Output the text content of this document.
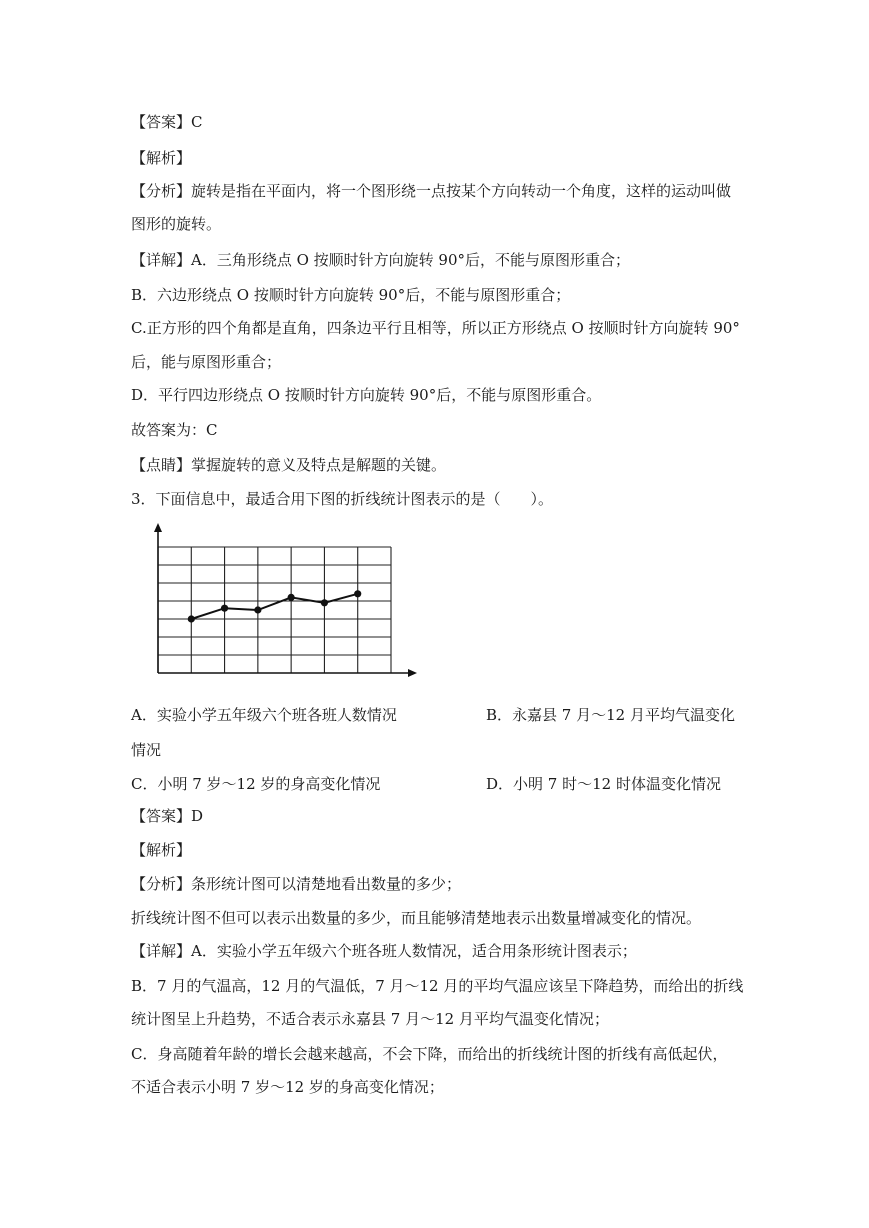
【答案】C
【解析】
【分析】旋转是指在平面内，将一个图形绕一点按某个方向转动一个角度，这样的运动叫做
图形的旋转。
【详解】A．三角形绕点 O 按顺时针方向旋转 90°后，不能与原图形重合；
B．六边形绕点 O 按顺时针方向旋转 90°后，不能与原图形重合；
C.正方形的四个角都是直角，四条边平行且相等，所以正方形绕点 O 按顺时针方向旋转 90°
后，能与原图形重合；
D．平行四边形绕点 O 按顺时针方向旋转 90°后，不能与原图形重合。
故答案为：C
【点睛】掌握旋转的意义及特点是解题的关键。
3．下面信息中，最适合用下图的折线统计图表示的是（　　）。
A．实验小学五年级六个班各班人数情况	B．永嘉县 7 月～12 月平均气温变化
情况
C．小明 7 岁～12 岁的身高变化情况	D．小明 7 时～12 时体温变化情况
【答案】D
【解析】
【分析】条形统计图可以清楚地看出数量的多少；
折线统计图不但可以表示出数量的多少，而且能够清楚地表示出数量增减变化的情况。
【详解】A．实验小学五年级六个班各班人数情况，适合用条形统计图表示；
B．7 月的气温高，12 月的气温低，7 月～12 月的平均气温应该呈下降趋势，而给出的折线
统计图呈上升趋势，不适合表示永嘉县 7 月～12 月平均气温变化情况；
C．身高随着年龄的增长会越来越高，不会下降，而给出的折线统计图的折线有高低起伏，
不适合表示小明 7 岁～12 岁的身高变化情况；
